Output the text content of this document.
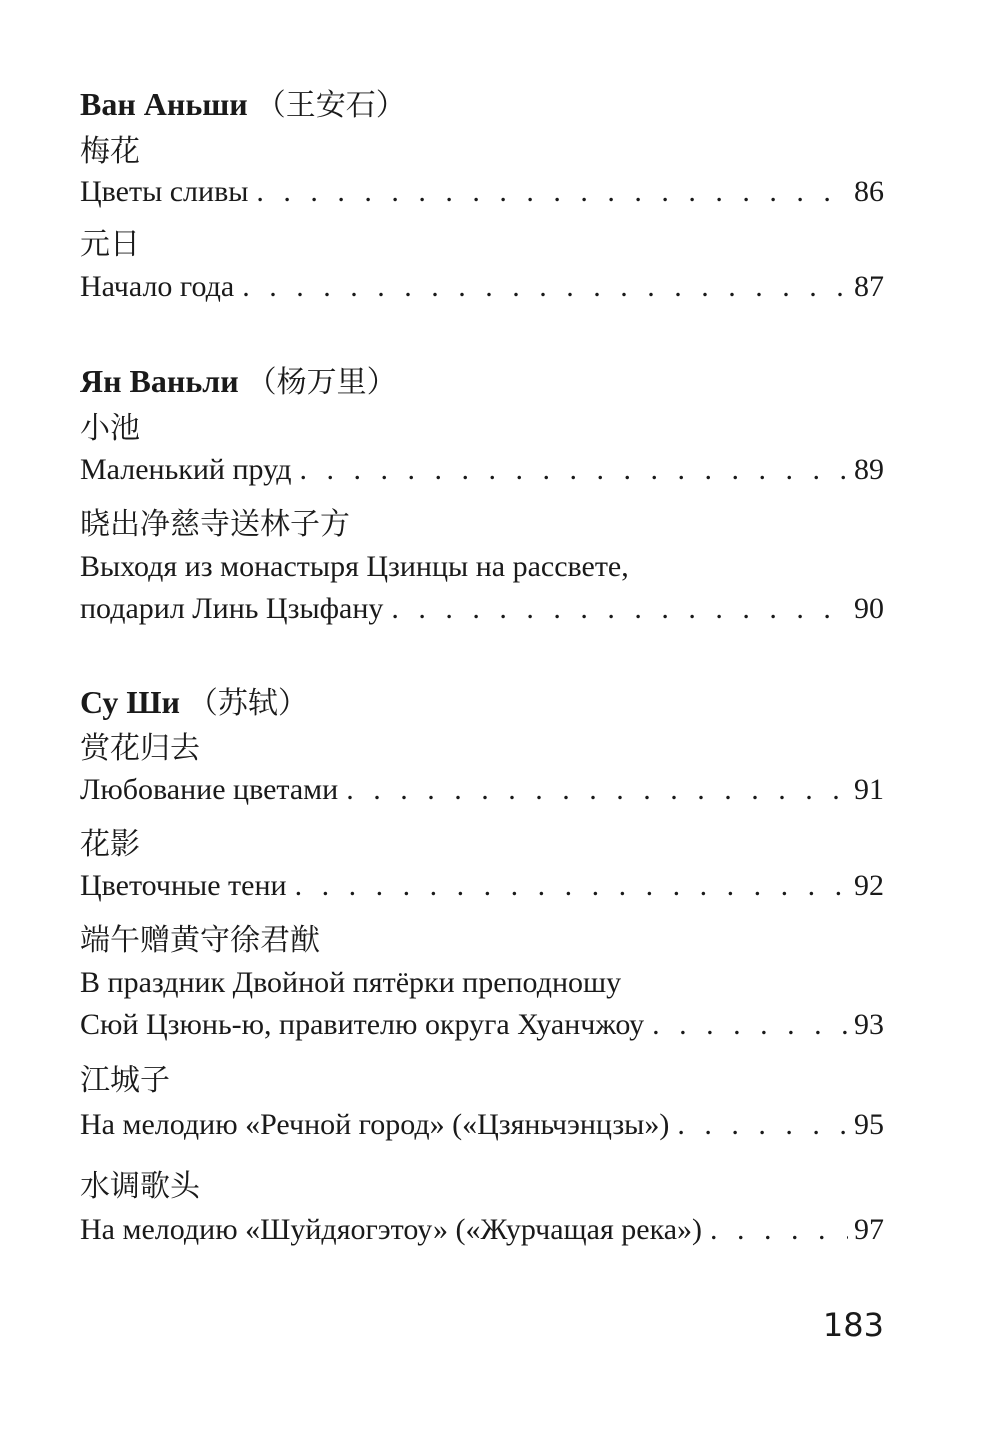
Ван Аньши （王安石）
梅花
Цветы сливы . . .	86
元日
Начало года . . .	87
Ян Ваньли （杨万里）
小池
Маленький пруд . . .	89
晓出净慈寺送林子方
Выходя из монастыря Цзинцы на рассвете,
подарил Линь Цзыфану . . .	90
Су Ши （苏轼）
赏花归去
Любование цветами . . .	91
花影
Цветочные тени . . .	92
端午赠黄守徐君猷
В праздник Двойной пятёрки преподношу
Сюй Цзюнь-ю, правителю округа Хуанчжоу . . .	93
江城子
На мелодию «Речной город» («Цзяньчэнцзы») . . .	95
水调歌头
На мелодию «Шуйдяогэтоу» («Журчащая река») . . .	97
183
